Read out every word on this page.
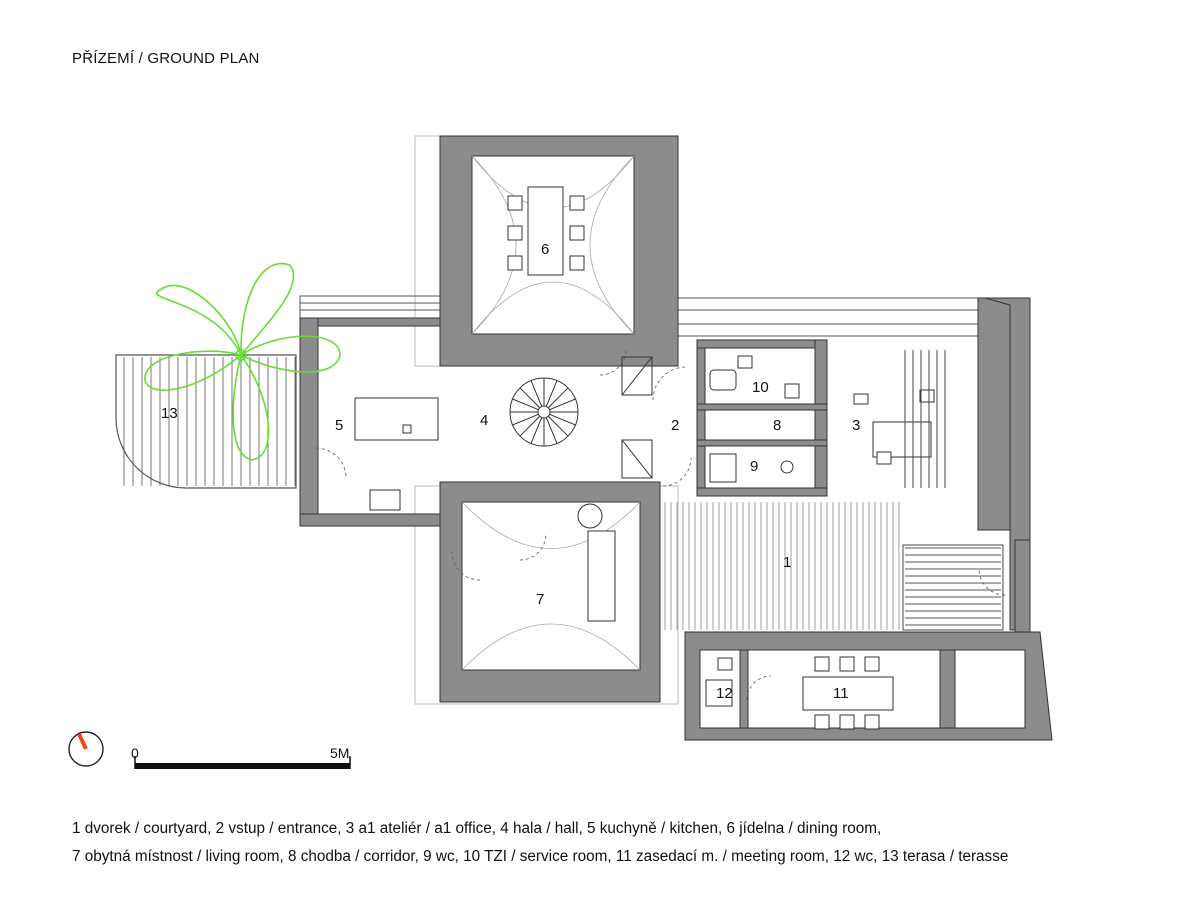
PŘÍZEMÍ / GROUND PLAN
1
2	3
4
5
6
7
8
9
10
11
12
13
0	5M
1 dvorek / courtyard, 2 vstup / entrance, 3 a1 ateliér / a1 office, 4 hala / hall, 5 kuchyně / kitchen, 6 jídelna / dining room,
7 obytná místnost / living room, 8 chodba / corridor, 9 wc, 10 TZI / service room, 11 zasedací m. / meeting room, 12 wc, 13 terasa / terasse
